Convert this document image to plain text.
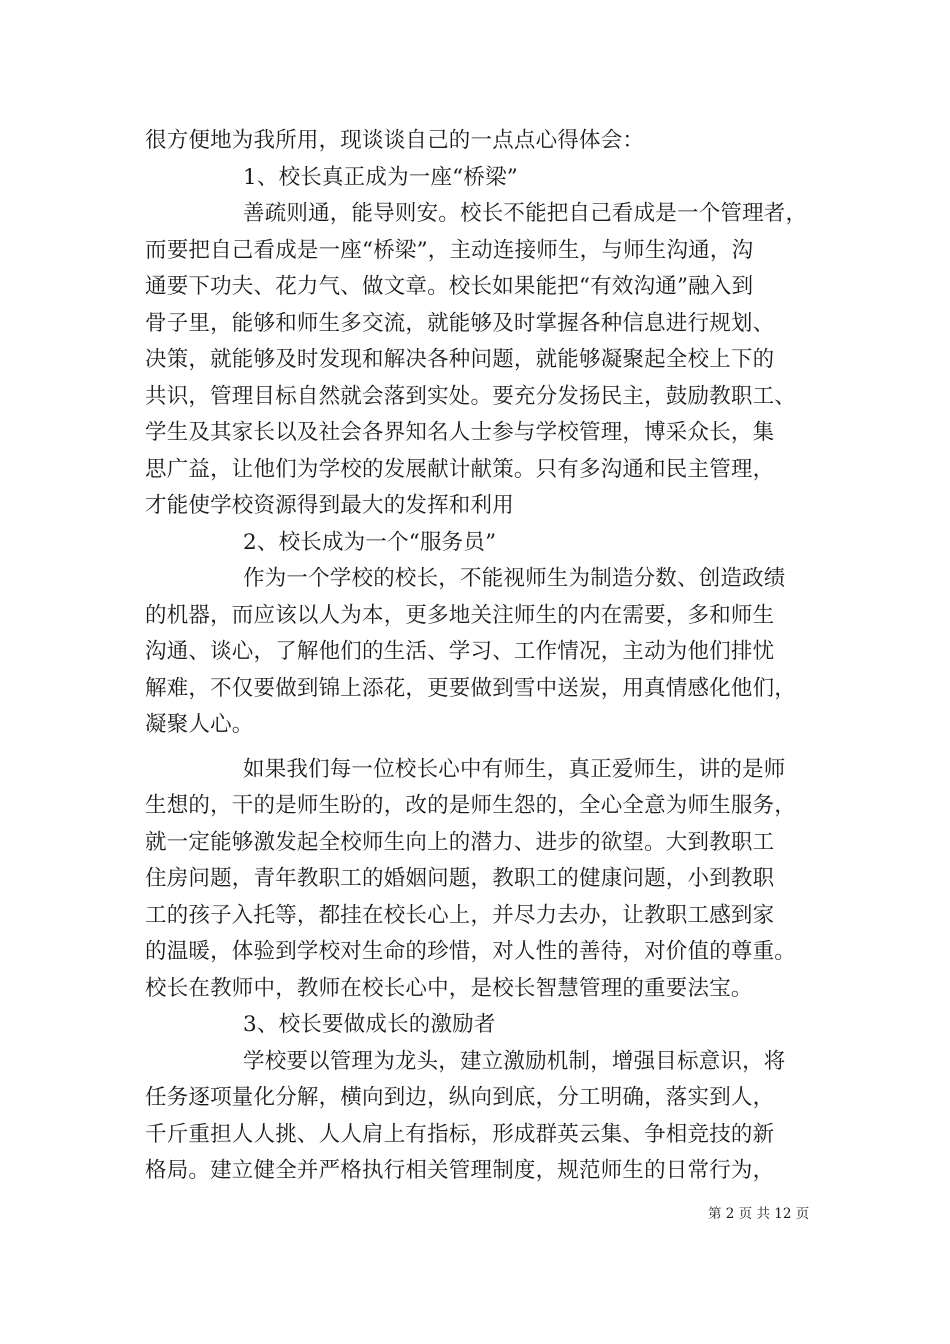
很方便地为我所用，现谈谈自己的一点点心得体会：
1、校长真正成为一座“桥梁”
善疏则通，能导则安。校长不能把自己看成是一个管理者，
而要把自己看成是一座“桥梁”，主动连接师生，与师生沟通，沟
通要下功夫、花力气、做文章。校长如果能把“有效沟通”融入到
骨子里，能够和师生多交流，就能够及时掌握各种信息进行规划、
决策，就能够及时发现和解决各种问题，就能够凝聚起全校上下的
共识，管理目标自然就会落到实处。要充分发扬民主，鼓励教职工、
学生及其家长以及社会各界知名人士参与学校管理，博采众长，集
思广益，让他们为学校的发展献计献策。只有多沟通和民主管理，
才能使学校资源得到最大的发挥和利用
2、校长成为一个“服务员”
作为一个学校的校长，不能视师生为制造分数、创造政绩
的机器，而应该以人为本，更多地关注师生的内在需要，多和师生
沟通、谈心，了解他们的生活、学习、工作情况，主动为他们排忧
解难，不仅要做到锦上添花，更要做到雪中送炭，用真情感化他们，
凝聚人心。
如果我们每一位校长心中有师生，真正爱师生，讲的是师
生想的，干的是师生盼的，改的是师生怨的，全心全意为师生服务，
就一定能够激发起全校师生向上的潜力、进步的欲望。大到教职工
住房问题，青年教职工的婚姻问题，教职工的健康问题，小到教职
工的孩子入托等，都挂在校长心上，并尽力去办，让教职工感到家
的温暖，体验到学校对生命的珍惜，对人性的善待，对价值的尊重。
校长在教师中，教师在校长心中，是校长智慧管理的重要法宝。
3、校长要做成长的激励者
学校要以管理为龙头，建立激励机制，增强目标意识，将
任务逐项量化分解，横向到边，纵向到底，分工明确，落实到人，
千斤重担人人挑、人人肩上有指标，形成群英云集、争相竞技的新
格局。建立健全并严格执行相关管理制度，规范师生的日常行为，
第 2 页 共 12 页
